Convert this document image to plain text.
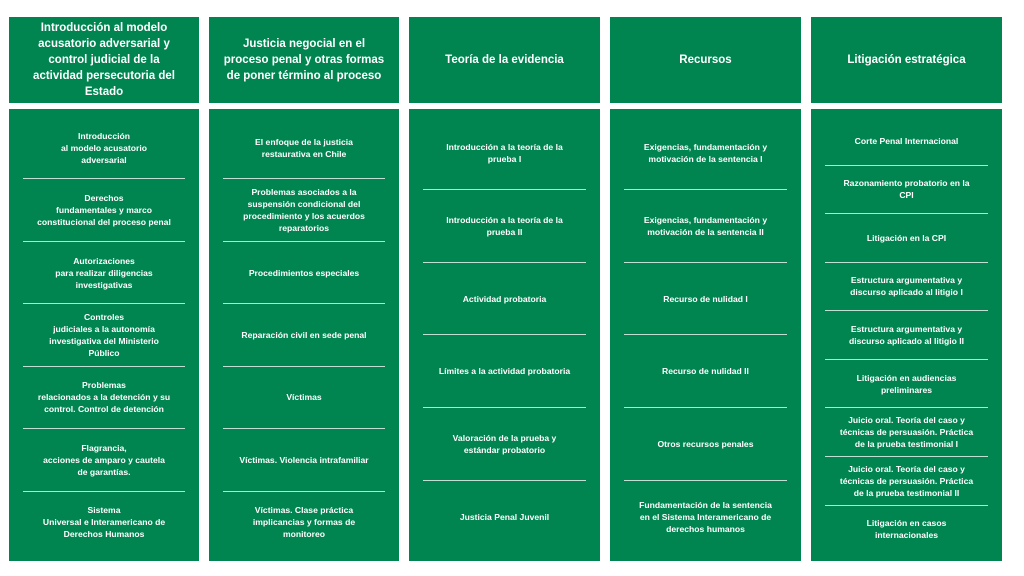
Introducción al modelo acusatorio adversarial y control judicial de la actividad persecutoria del Estado
Introducción
al modelo acusatorio
adversarial
Derechos
fundamentales y marco
constitucional del proceso penal
Autorizaciones
para realizar diligencias
investigativas
Controles
judiciales a la autonomía
investigativa del Ministerio
Público
Problemas
relacionados a la detención y su
control. Control de detención
Flagrancia,
acciones de amparo y cautela
de garantías.
Sistema
Universal e Interamericano de
Derechos Humanos
Justicia negocial en el proceso penal y otras formas de poner término al proceso
El enfoque de la justicia
restaurativa en Chile
Problemas asociados a la
suspensión condicional del
procedimiento y los acuerdos
reparatorios
Procedimientos especiales
Reparación civil en sede penal
Víctimas
Víctimas. Violencia intrafamiliar
Víctimas. Clase práctica
implicancias y formas de
monitoreo
Teoría de la evidencia
Introducción a la teoría de la
prueba I
Introducción a la teoría de la
prueba II
Actividad probatoria
Límites a la actividad probatoria
Valoración de la prueba y
estándar probatorio
Justicia Penal Juvenil
Recursos
Exigencias, fundamentación y
motivación de la sentencia I
Exigencias, fundamentación y
motivación de la sentencia II
Recurso de nulidad I
Recurso de nulidad II
Otros recursos penales
Fundamentación de la sentencia
en el Sistema Interamericano de
derechos humanos
Litigación estratégica
Corte Penal Internacional
Razonamiento probatorio en la
CPI
Litigación en la CPI
Estructura argumentativa y
discurso aplicado al litigio I
Estructura argumentativa y
discurso aplicado al litigio II
Litigación en audiencias
preliminares
Juicio oral. Teoría del caso y
técnicas de persuasión. Práctica
de la prueba testimonial I
Juicio oral. Teoría del caso y
técnicas de persuasión. Práctica
de la prueba testimonial II
Litigación en casos
internacionales
